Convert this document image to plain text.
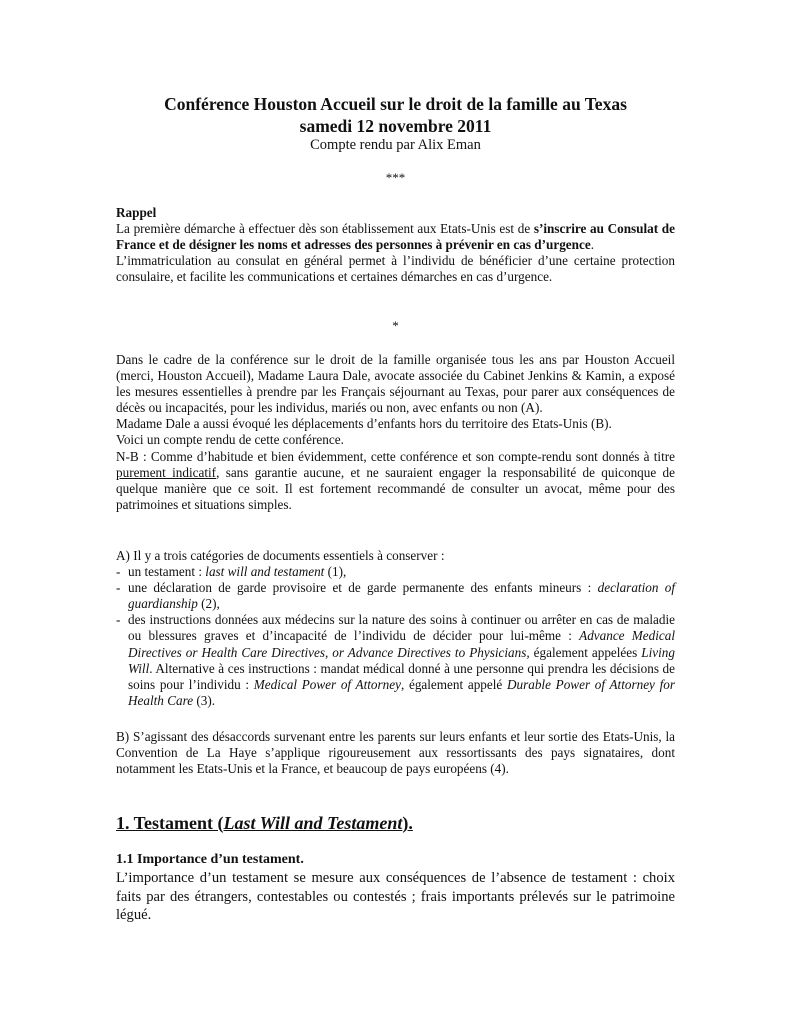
Conférence Houston Accueil sur le droit de la famille au Texas
samedi 12 novembre 2011
Compte rendu par Alix Eman
***

Rappel

La première démarche à effectuer dès son établissement aux Etats-Unis est de s’inscrire au Consulat de France et de désigner les noms et adresses des personnes à prévenir en cas d’urgence.

L’immatriculation au consulat en général permet à l’individu de bénéficier d’une certaine protection consulaire, et facilite les communications et certaines démarches en cas d’urgence.

*

Dans le cadre de la conférence sur le droit de la famille organisée tous les ans par Houston Accueil (merci, Houston Accueil), Madame Laura Dale, avocate associée du Cabinet Jenkins & Kamin, a exposé les mesures essentielles à prendre par les Français séjournant au Texas, pour parer aux conséquences de décès ou incapacités, pour les individus, mariés ou non, avec enfants ou non (A).

Madame Dale a aussi évoqué les déplacements d’enfants hors du territoire des Etats-Unis (B).

Voici un compte rendu de cette conférence.

N-B : Comme d’habitude et bien évidemment, cette conférence et son compte-rendu sont donnés à titre purement indicatif, sans garantie aucune, et ne sauraient engager la responsabilité de quiconque de quelque manière que ce soit. Il est fortement recommandé de consulter un avocat, même pour des patrimoines et situations simples.

A) Il y a trois catégories de documents essentiels à conserver :

- un testament : last will and testament (1),
- une déclaration de garde provisoire et de garde permanente des enfants mineurs : declaration of guardianship (2),
- des instructions données aux médecins sur la nature des soins à continuer ou arrêter en cas de maladie ou blessures graves et d’incapacité de l’individu de décider pour lui-même : Advance Medical Directives or Health Care Directives, or Advance Directives to Physicians, également appelées Living Will. Alternative à ces instructions : mandat médical donné à une personne qui prendra les décisions de soins pour l’individu : Medical Power of Attorney, également appelé Durable Power of Attorney for Health Care (3).

B) S’agissant des désaccords survenant entre les parents sur leurs enfants et leur sortie des Etats-Unis, la Convention de La Haye s’applique rigoureusement aux ressortissants des pays signataires, dont notamment les Etats-Unis et la France, et beaucoup de pays européens (4).

1. Testament (Last Will and Testament).
1.1 Importance d’un testament.

L’importance d’un testament se mesure aux conséquences de l’absence de testament : choix faits par des étrangers, contestables ou contestés ; frais importants prélevés sur le patrimoine légué.
